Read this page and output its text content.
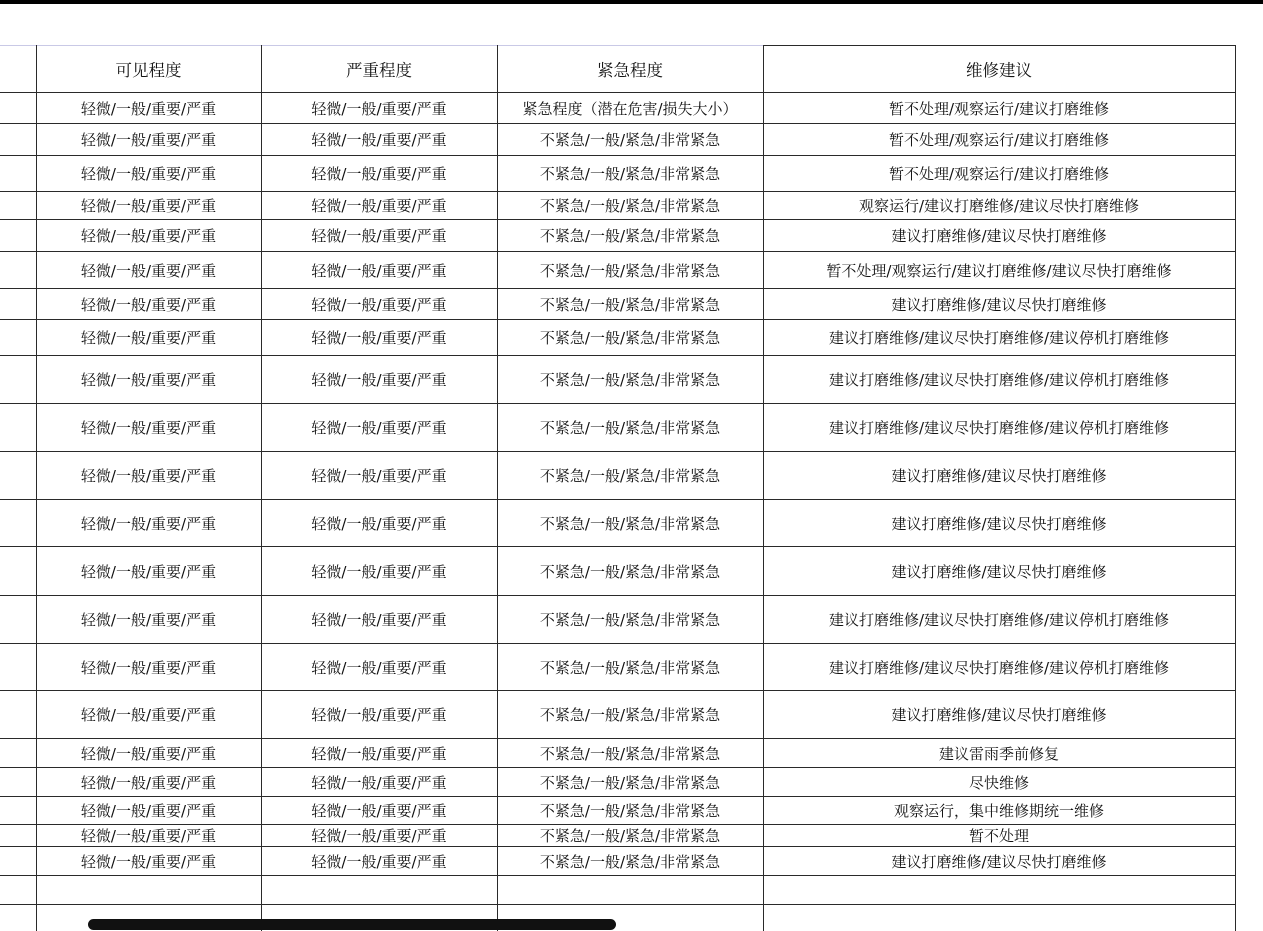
	可见程度	严重程度	紧急程度	维修建议
	轻微/一般/重要/严重	轻微/一般/重要/严重	紧急程度（潜在危害/损失大小）	暂不处理/观察运行/建议打磨维修
	轻微/一般/重要/严重	轻微/一般/重要/严重	不紧急/一般/紧急/非常紧急	暂不处理/观察运行/建议打磨维修
	轻微/一般/重要/严重	轻微/一般/重要/严重	不紧急/一般/紧急/非常紧急	暂不处理/观察运行/建议打磨维修
	轻微/一般/重要/严重	轻微/一般/重要/严重	不紧急/一般/紧急/非常紧急	观察运行/建议打磨维修/建议尽快打磨维修
	轻微/一般/重要/严重	轻微/一般/重要/严重	不紧急/一般/紧急/非常紧急	建议打磨维修/建议尽快打磨维修
	轻微/一般/重要/严重	轻微/一般/重要/严重	不紧急/一般/紧急/非常紧急	暂不处理/观察运行/建议打磨维修/建议尽快打磨维修
	轻微/一般/重要/严重	轻微/一般/重要/严重	不紧急/一般/紧急/非常紧急	建议打磨维修/建议尽快打磨维修
	轻微/一般/重要/严重	轻微/一般/重要/严重	不紧急/一般/紧急/非常紧急	建议打磨维修/建议尽快打磨维修/建议停机打磨维修
	轻微/一般/重要/严重	轻微/一般/重要/严重	不紧急/一般/紧急/非常紧急	建议打磨维修/建议尽快打磨维修/建议停机打磨维修
	轻微/一般/重要/严重	轻微/一般/重要/严重	不紧急/一般/紧急/非常紧急	建议打磨维修/建议尽快打磨维修/建议停机打磨维修
	轻微/一般/重要/严重	轻微/一般/重要/严重	不紧急/一般/紧急/非常紧急	建议打磨维修/建议尽快打磨维修
	轻微/一般/重要/严重	轻微/一般/重要/严重	不紧急/一般/紧急/非常紧急	建议打磨维修/建议尽快打磨维修
	轻微/一般/重要/严重	轻微/一般/重要/严重	不紧急/一般/紧急/非常紧急	建议打磨维修/建议尽快打磨维修
	轻微/一般/重要/严重	轻微/一般/重要/严重	不紧急/一般/紧急/非常紧急	建议打磨维修/建议尽快打磨维修/建议停机打磨维修
	轻微/一般/重要/严重	轻微/一般/重要/严重	不紧急/一般/紧急/非常紧急	建议打磨维修/建议尽快打磨维修/建议停机打磨维修
	轻微/一般/重要/严重	轻微/一般/重要/严重	不紧急/一般/紧急/非常紧急	建议打磨维修/建议尽快打磨维修
	轻微/一般/重要/严重	轻微/一般/重要/严重	不紧急/一般/紧急/非常紧急	建议雷雨季前修复
	轻微/一般/重要/严重	轻微/一般/重要/严重	不紧急/一般/紧急/非常紧急	尽快维修
	轻微/一般/重要/严重	轻微/一般/重要/严重	不紧急/一般/紧急/非常紧急	观察运行，集中维修期统一维修
	轻微/一般/重要/严重	轻微/一般/重要/严重	不紧急/一般/紧急/非常紧急	暂不处理
	轻微/一般/重要/严重	轻微/一般/重要/严重	不紧急/一般/紧急/非常紧急	建议打磨维修/建议尽快打磨维修
